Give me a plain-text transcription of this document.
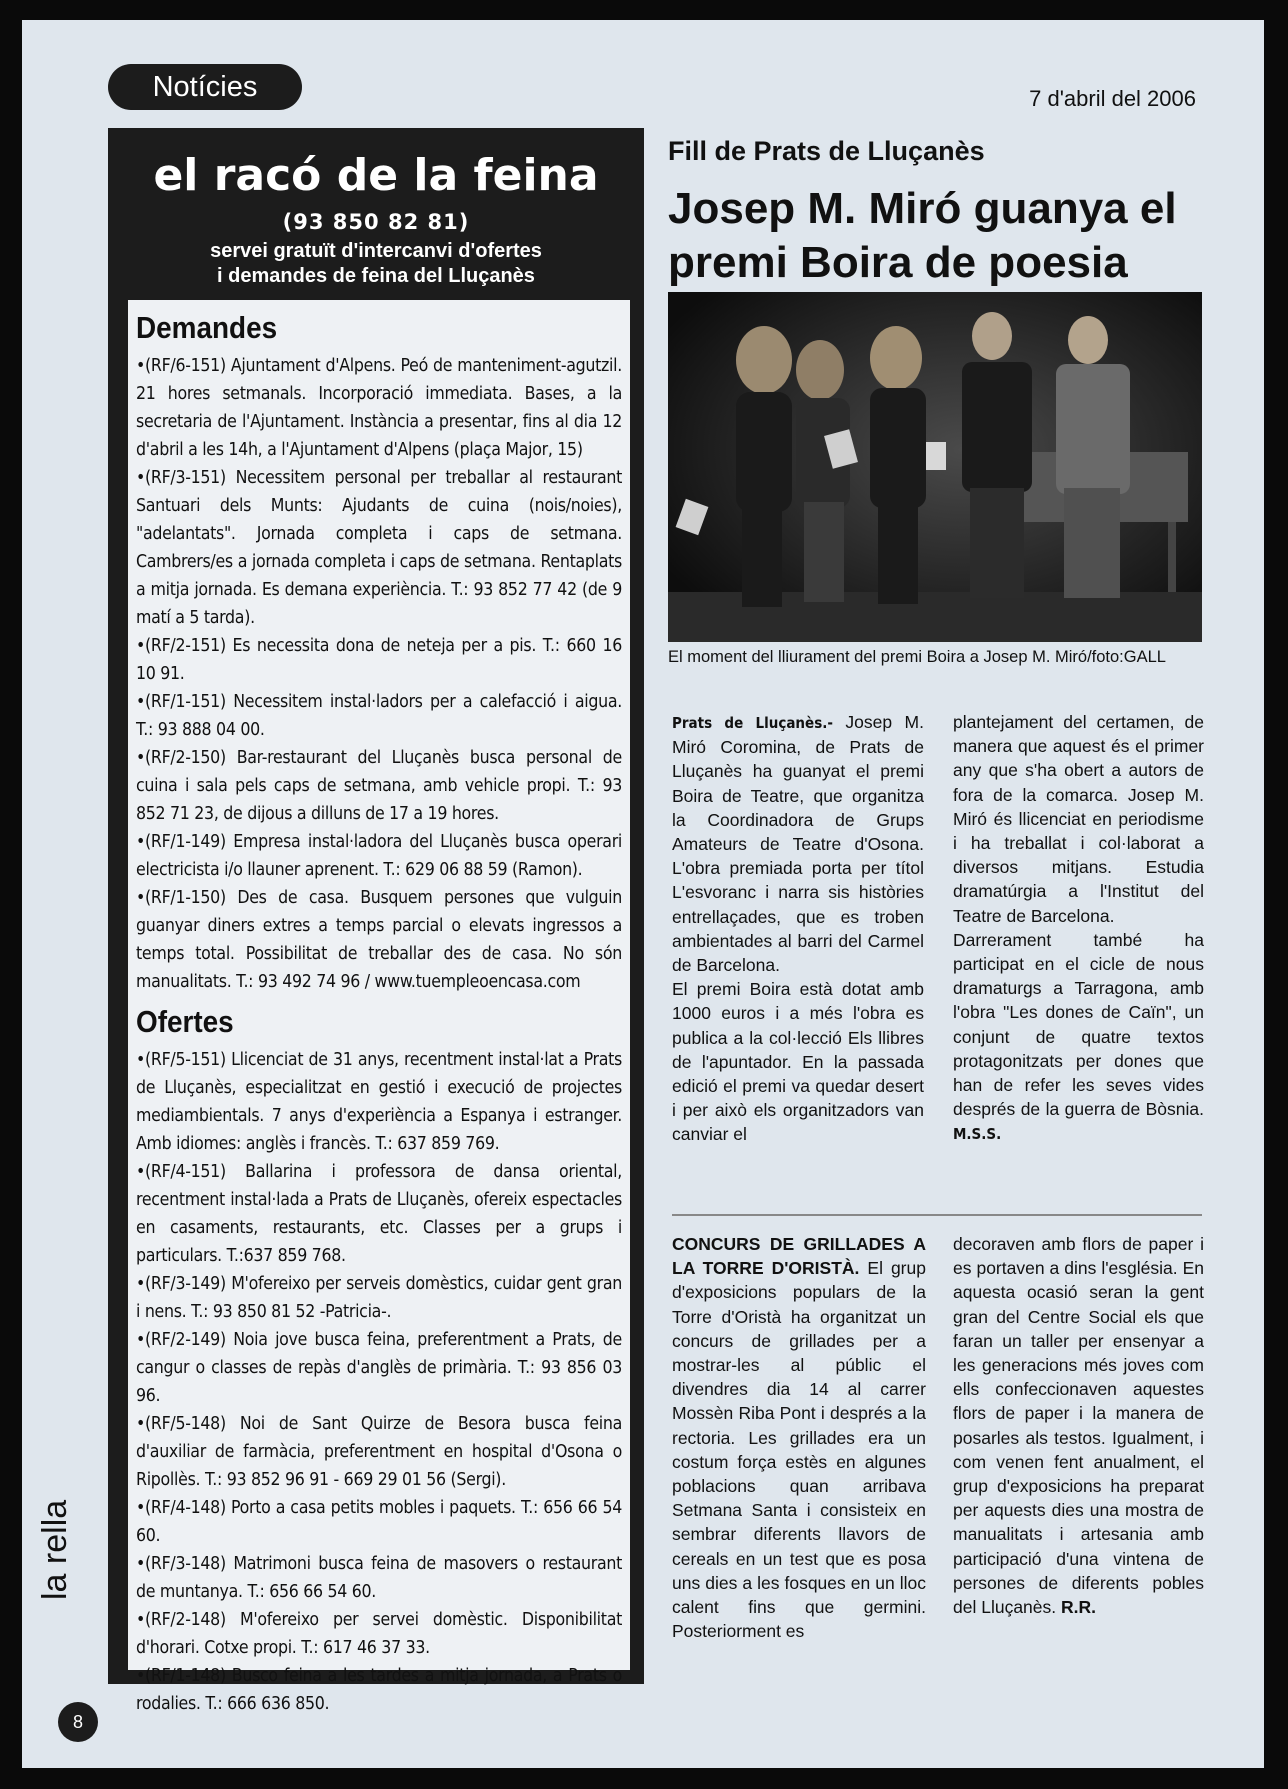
Notícies	7 d'abril del 2006
el racó de la feina
(93 850 82 81)
servei gratuït d'intercanvi d'ofertes
i demandes de feina del Lluçanès
Demandes

• (RF/6-151) Ajuntament d'Alpens. Peó de manteniment-agutzil. 21 hores setmanals. Incorporació immediata. Bases, a la secretaria de l'Ajuntament. Instància a presentar, fins al dia 12 d'abril a les 14h, a l'Ajuntament d'Alpens (plaça Major, 15)

• (RF/3-151) Necessitem personal per treballar al restaurant Santuari dels Munts: Ajudants de cuina (nois/noies), "adelantats". Jornada completa i caps de setmana. Cambrers/es a jornada completa i caps de setmana. Rentaplats a mitja jornada. Es demana experiència. T.: 93 852 77 42 (de 9 matí a 5 tarda).

• (RF/2-151) Es necessita dona de neteja per a pis. T.: 660 16 10 91.

• (RF/1-151) Necessitem instal·ladors per a calefacció i aigua. T.: 93 888 04 00.

• (RF/2-150) Bar-restaurant del Lluçanès busca personal de cuina i sala pels caps de setmana, amb vehicle propi. T.: 93 852 71 23, de dijous a dilluns de 17 a 19 hores.

• (RF/1-149) Empresa instal·ladora del Lluçanès busca operari electricista i/o llauner aprenent. T.: 629 06 88 59 (Ramon).

• (RF/1-150) Des de casa. Busquem persones que vulguin guanyar diners extres a temps parcial o elevats ingressos a temps total. Possibilitat de treballar des de casa. No són manualitats. T.: 93 492 74 96 / www.tuempleoencasa.com

Ofertes

• (RF/5-151) Llicenciat de 31 anys, recentment instal·lat a Prats de Lluçanès, especialitzat en gestió i execució de projectes mediambientals. 7 anys d'experiència a Espanya i estranger. Amb idiomes: anglès i francès. T.: 637 859 769.

• (RF/4-151) Ballarina i professora de dansa oriental, recentment instal·lada a Prats de Lluçanès, ofereix espectacles en casaments, restaurants, etc. Classes per a grups i particulars. T.:637 859 768.

• (RF/3-149) M'ofereixo per serveis domèstics, cuidar gent gran i nens. T.: 93 850 81 52 -Patricia-.

• (RF/2-149) Noia jove busca feina, preferentment a Prats, de cangur o classes de repàs d'anglès de primària. T.: 93 856 03 96.

• (RF/5-148) Noi de Sant Quirze de Besora busca feina d'auxiliar de farmàcia, preferentment en hospital d'Osona o Ripollès. T.: 93 852 96 91 - 669 29 01 56 (Sergi).

• (RF/4-148) Porto a casa petits mobles i paquets. T.: 656 66 54 60.

• (RF/3-148) Matrimoni busca feina de masovers o restaurant de muntanya. T.: 656 66 54 60.

• (RF/2-148) M'ofereixo per servei domèstic. Disponibilitat d'horari. Cotxe propi. T.: 617 46 37 33.

• (RF/1-148) Busco feina a les tardes a mitja jornada, a Prats o rodalies. T.: 666 636 850.

Fill de Prats de Lluçanès
Josep M. Miró guanya el premi Boira de poesia
El moment del lliurament del premi Boira a Josep M. Miró/foto:GALL

Prats de Lluçanès.- Josep M. Miró Coromina, de Prats de Lluçanès ha guanyat el premi Boira de Teatre, que organitza la Coordinadora de Grups Amateurs de Teatre d'Osona. L'obra premiada porta per títol L'esvoranc i narra sis històries entrellaçades, que es troben ambientades al barri del Carmel de Barcelona.

El premi Boira està dotat amb 1000 euros i a més l'obra es publica a la col·lecció Els llibres de l'apuntador. En la passada edició el premi va quedar desert i per això els organitzadors van canviar el

plantejament del certamen, de manera que aquest és el primer any que s'ha obert a autors de fora de la comarca. Josep M. Miró és llicenciat en periodisme i ha treballat i col·laborat a diversos mitjans. Estudia dramatúrgia a l'Institut del Teatre de Barcelona.

Darrerament també ha participat en el cicle de nous dramaturgs a Tarragona, amb l'obra "Les dones de Caïn", un conjunt de quatre textos protagonitzats per dones que han de refer les seves vides després de la guerra de Bòsnia. M.S.S.

CONCURS DE GRILLADES A LA TORRE D'ORISTÀ. El grup d'exposicions populars de la Torre d'Oristà ha organitzat un concurs de grillades per a mostrar-les al públic el divendres dia 14 al carrer Mossèn Riba Pont i després a la rectoria. Les grillades era un costum força estès en algunes poblacions quan arribava Setmana Santa i consisteix en sembrar diferents llavors de cereals en un test que es posa uns dies a les fosques en un lloc calent fins que germini. Posteriorment es

decoraven amb flors de paper i es portaven a dins l'església. En aquesta ocasió seran la gent gran del Centre Social els que faran un taller per ensenyar a les generacions més joves com ells confeccionaven aquestes flors de paper i la manera de posarles als testos. Igualment, i com venen fent anualment, el grup d'exposicions ha preparat per aquests dies una mostra de manualitats i artesania amb participació d'una vintena de persones de diferents pobles del Lluçanès. R.R.

la rella
8
